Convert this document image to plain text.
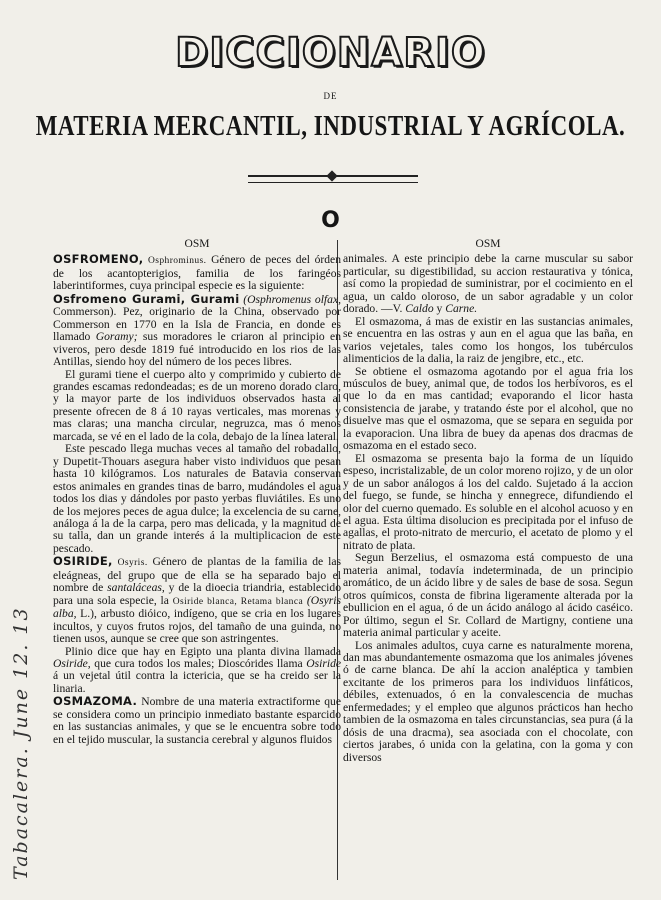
DICCIONARIO
DE
MATERIA MERCANTIL, INDUSTRIAL Y AGRÍCOLA.
O
OSM

OSFROMENO, Osphrominus. Género de peces del órden de los acantopterigios, familia de los faringéos laberintiformes, cuya principal especie es la siguiente:

Osfromeno Gurami, Gurami (Osphromenus olfax, Commerson). Pez, originario de la China, observado por Commerson en 1770 en la Isla de Francia, en donde es llamado Goramy; sus moradores le criaron al principio en viveros, pero desde 1819 fué introducido en los rios de las Antillas, siendo hoy del número de los peces libres.

El gurami tiene el cuerpo alto y comprimido y cubierto de grandes escamas redondeadas; es de un moreno dorado claro, y la mayor parte de los individuos observados hasta al presente ofrecen de 8 á 10 rayas verticales, mas morenas y mas claras; una mancha circular, negruzca, mas ó menos marcada, se vé en el lado de la cola, debajo de la línea lateral.

Este pescado llega muchas veces al tamaño del robadallo, y Dupetit-Thouars asegura haber visto individuos que pesan hasta 10 kilógramos. Los naturales de Batavia conservan estos animales en grandes tinas de barro, mudándoles el agua todos los dias y dándoles por pasto yerbas fluviátiles. Es uno de los mejores peces de agua dulce; la excelencia de su carne, análoga á la de la carpa, pero mas delicada, y la magnitud de su talla, dan un grande interés á la multiplicacion de este pescado.

OSIRIDE, Osyris. Género de plantas de la familia de las eleágneas, del grupo que de ella se ha separado bajo el nombre de santaláceas, y de la dioecia triandria, establecido para una sola especie, la Osiride blanca, Retama blanca (Osyris alba, L.), arbusto dióico, indígeno, que se cria en los lugares incultos, y cuyos frutos rojos, del tamaño de una guinda, no tienen usos, aunque se cree que son astringentes.

Plinio dice que hay en Egipto una planta divina llamada Osiride, que cura todos los males; Dioscórides llama Osiride á un vejetal útil contra la ictericia, que se ha creido ser la linaria.

OSMAZOMA. Nombre de una materia extractiforme que se considera como un principio inmediato bastante esparcido en las sustancias animales, y que se le encuentra sobre todo en el tejido muscular, la sustancia cerebral y algunos fluidos

OSM

animales. A este principio debe la carne muscular su sabor particular, su digestibilidad, su accion restaurativa y tónica, así como la propiedad de suministrar, por el cocimiento en el agua, un caldo oloroso, de un sabor agradable y un color dorado. —V. Caldo y Carne.

El osmazoma, á mas de existir en las sustancias animales, se encuentra en las ostras y aun en el agua que las baña, en varios vejetales, tales como los hongos, los tubérculos alimenticios de la dalia, la raiz de jengibre, etc., etc.

Se obtiene el osmazoma agotando por el agua fria los músculos de buey, animal que, de todos los herbívoros, es el que lo da en mas cantidad; evaporando el licor hasta consistencia de jarabe, y tratando éste por el alcohol, que no disuelve mas que el osmazoma, que se separa en seguida por la evaporacion. Una libra de buey da apenas dos dracmas de osmazoma en el estado seco.

El osmazoma se presenta bajo la forma de un líquido espeso, incristalizable, de un color moreno rojizo, y de un olor y de un sabor análogos á los del caldo. Sujetado á la accion del fuego, se funde, se hincha y ennegrece, difundiendo el olor del cuerno quemado. Es soluble en el alcohol acuoso y en el agua. Esta última disolucion es precipitada por el infuso de agallas, el proto-nitrato de mercurio, el acetato de plomo y el nitrato de plata.

Segun Berzelius, el osmazoma está compuesto de una materia animal, todavía indeterminada, de un principio aromático, de un ácido libre y de sales de base de sosa. Segun otros químicos, consta de fibrina ligeramente alterada por la ebullicion en el agua, ó de un ácido análogo al ácido caséico. Por último, segun el Sr. Collard de Martigny, contiene una materia animal particular y aceite.

Los animales adultos, cuya carne es naturalmente morena, dan mas abundantemente osmazoma que los animales jóvenes ó de carne blanca. De ahí la accion analéptica y tambien excitante de los primeros para los individuos linfáticos, débiles, extenuados, ó en la convalescencia de muchas enfermedades; y el empleo que algunos prácticos han hecho tambien de la osmazoma en tales circunstancias, sea pura (á la dósis de una dracma), sea asociada con el chocolate, con ciertos jarabes, ó unida con la gelatina, con la goma y con diversos

Tabacalera. June 12. 13
